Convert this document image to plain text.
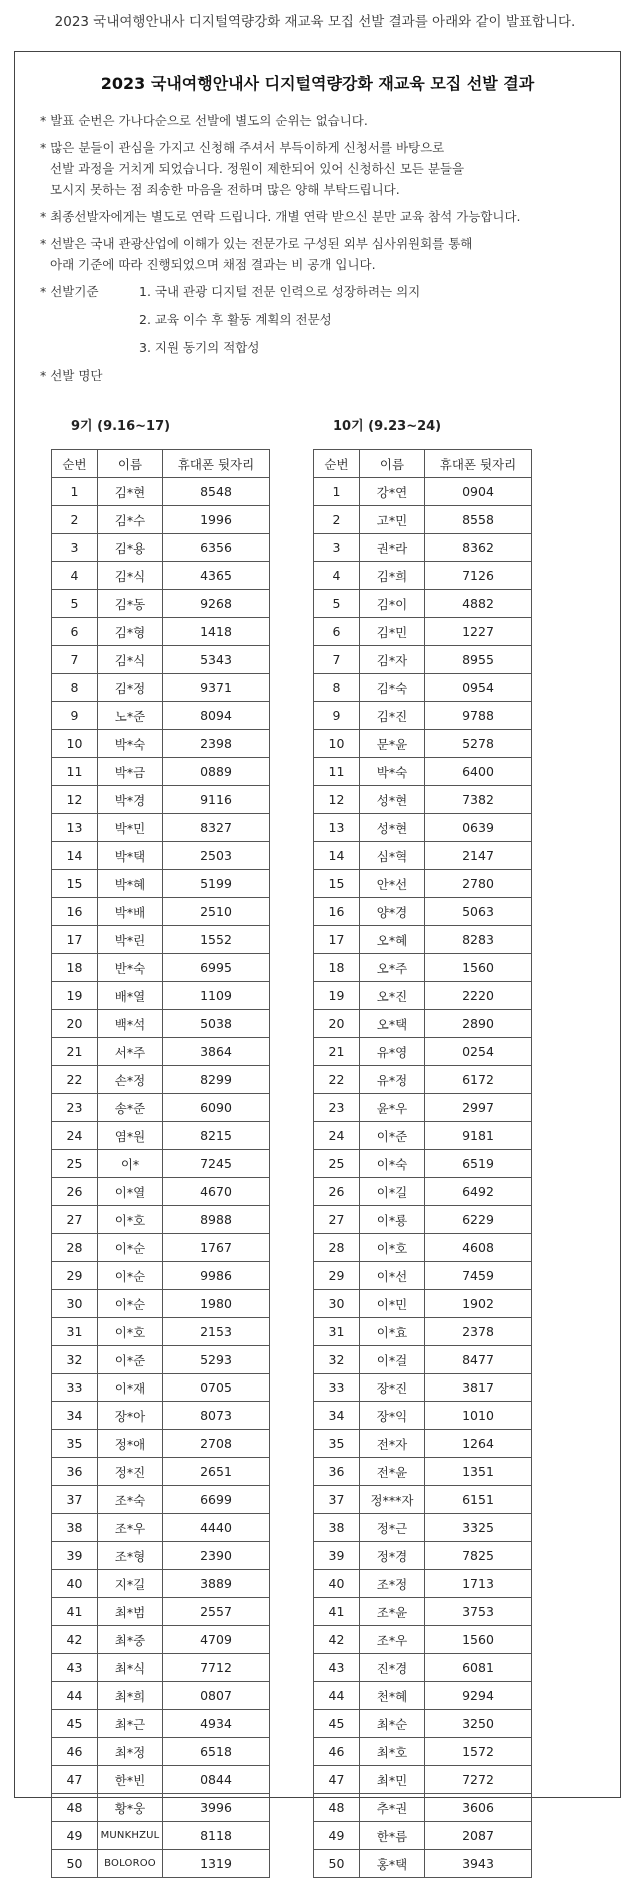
2023 국내여행안내사 디지털역량강화 재교육 모집 선발 결과를 아래와 같이 발표합니다.
2023 국내여행안내사 디지털역량강화 재교육 모집 선발 결과
* 발표 순번은 가나다순으로 선발에 별도의 순위는 없습니다.
* 많은 분들이 관심을 가지고 신청해 주셔서 부득이하게 신청서를 바탕으로
선발 과정을 거치게 되었습니다. 정원이 제한되어 있어 신청하신 모든 분들을
모시지 못하는 점 죄송한 마음을 전하며 많은 양해 부탁드립니다.
* 최종선발자에게는 별도로 연락 드립니다. 개별 연락 받으신 분만 교육 참석 가능합니다.
* 선발은 국내 관광산업에 이해가 있는 전문가로 구성된 외부 심사위원회를 통해
아래 기준에 따라 진행되었으며 채점 결과는 비 공개 입니다.
* 선발기준	1. 국내 관광 디지털 전문 인력으로 성장하려는 의지
2. 교육 이수 후 활동 계획의 전문성
3. 지원 동기의 적합성
* 선발 명단
9기 (9.16~17)	10기 (9.23~24)
순번	이름	휴대폰 뒷자리
1	김*현	8548
2	김*수	1996
3	김*용	6356
4	김*식	4365
5	김*동	9268
6	김*형	1418
7	김*식	5343
8	김*정	9371
9	노*준	8094
10	박*숙	2398
11	박*금	0889
12	박*경	9116
13	박*민	8327
14	박*택	2503
15	박*혜	5199
16	박*배	2510
17	박*린	1552
18	반*숙	6995
19	배*열	1109
20	백*석	5038
21	서*주	3864
22	손*정	8299
23	송*준	6090
24	염*원	8215
25	이*	7245
26	이*열	4670
27	이*호	8988
28	이*순	1767
29	이*순	9986
30	이*순	1980
31	이*호	2153
32	이*준	5293
33	이*재	0705
34	장*아	8073
35	정*애	2708
36	정*진	2651
37	조*숙	6699
38	조*우	4440
39	조*형	2390
40	지*길	3889
41	최*범	2557
42	최*중	4709
43	최*식	7712
44	최*희	0807
45	최*근	4934
46	최*정	6518
47	한*빈	0844
48	황*웅	3996
49	MUNKHZUL	8118
50	BOLOROO	1319
순번	이름	휴대폰 뒷자리
1	강*연	0904
2	고*민	8558
3	권*라	8362
4	김*희	7126
5	김*이	4882
6	김*민	1227
7	김*자	8955
8	김*숙	0954
9	김*진	9788
10	문*윤	5278
11	박*숙	6400
12	성*현	7382
13	성*현	0639
14	심*혁	2147
15	안*선	2780
16	양*경	5063
17	오*혜	8283
18	오*주	1560
19	오*진	2220
20	오*택	2890
21	유*영	0254
22	유*정	6172
23	윤*우	2997
24	이*준	9181
25	이*숙	6519
26	이*길	6492
27	이*룡	6229
28	이*호	4608
29	이*선	7459
30	이*민	1902
31	이*효	2378
32	이*걸	8477
33	장*진	3817
34	장*익	1010
35	전*자	1264
36	전*윤	1351
37	정***자	6151
38	정*근	3325
39	정*경	7825
40	조*정	1713
41	조*윤	3753
42	조*우	1560
43	진*경	6081
44	천*혜	9294
45	최*순	3250
46	최*호	1572
47	최*민	7272
48	추*권	3606
49	한*름	2087
50	홍*택	3943
